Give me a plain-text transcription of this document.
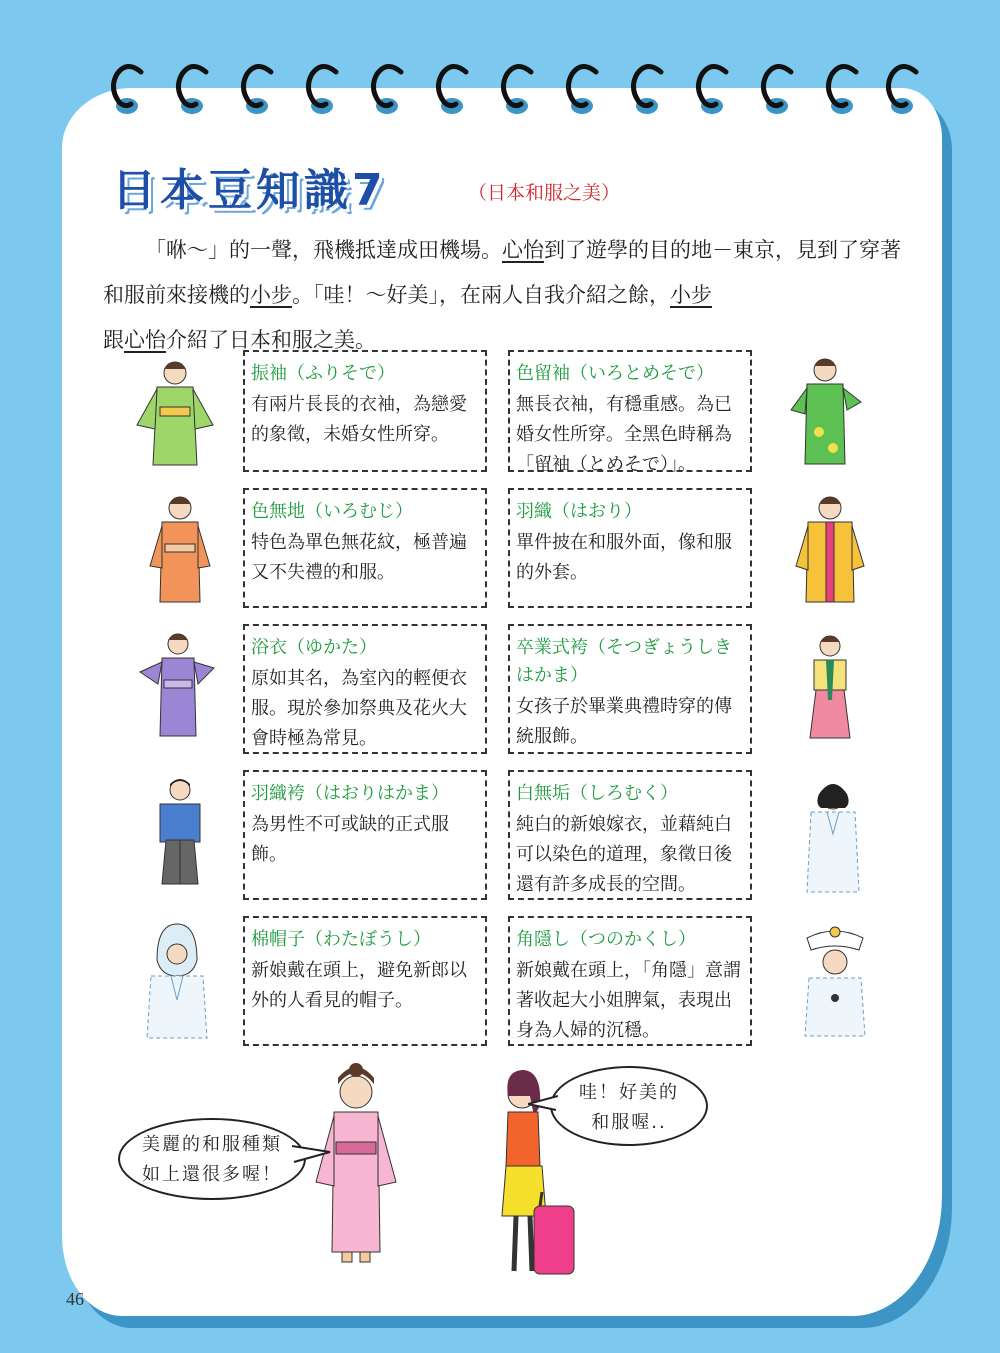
日本豆知識7	（日本和服之美）

「咻～」的一聲，飛機抵達成田機場。心怡到了遊學的目的地－東京，見到了穿著和服前來接機的小步。「哇！～好美」，在兩人自我介紹之餘，小步
跟心怡介紹了日本和服之美。

振袖（ふりそで）

有兩片長長的衣袖，為戀愛的象徵，未婚女性所穿。

色留袖（いろとめそで）

無長衣袖，有穩重感。為已婚女性所穿。全黑色時稱為「留袖（とめそで）」。

色無地（いろむじ）

特色為單色無花紋，極普遍又不失禮的和服。

羽織（はおり）

單件披在和服外面，像和服的外套。

浴衣（ゆかた）

原如其名，為室內的輕便衣服。現於參加祭典及花火大會時極為常見。

卒業式袴（そつぎょうしきはかま）

女孩子於畢業典禮時穿的傳統服飾。

羽織袴（はおりはかま）

為男性不可或缺的正式服飾。

白無垢（しろむく）

純白的新娘嫁衣，並藉純白可以染色的道理，象徵日後還有許多成長的空間。

棉帽子（わたぼうし）

新娘戴在頭上，避免新郎以外的人看見的帽子。

角隱し（つのかくし）

新娘戴在頭上，「角隱」意謂著收起大小姐脾氣，表現出身為人婦的沉穩。

美麗的和服種類
如上還很多喔！
哇！好美的
和服喔..
46
